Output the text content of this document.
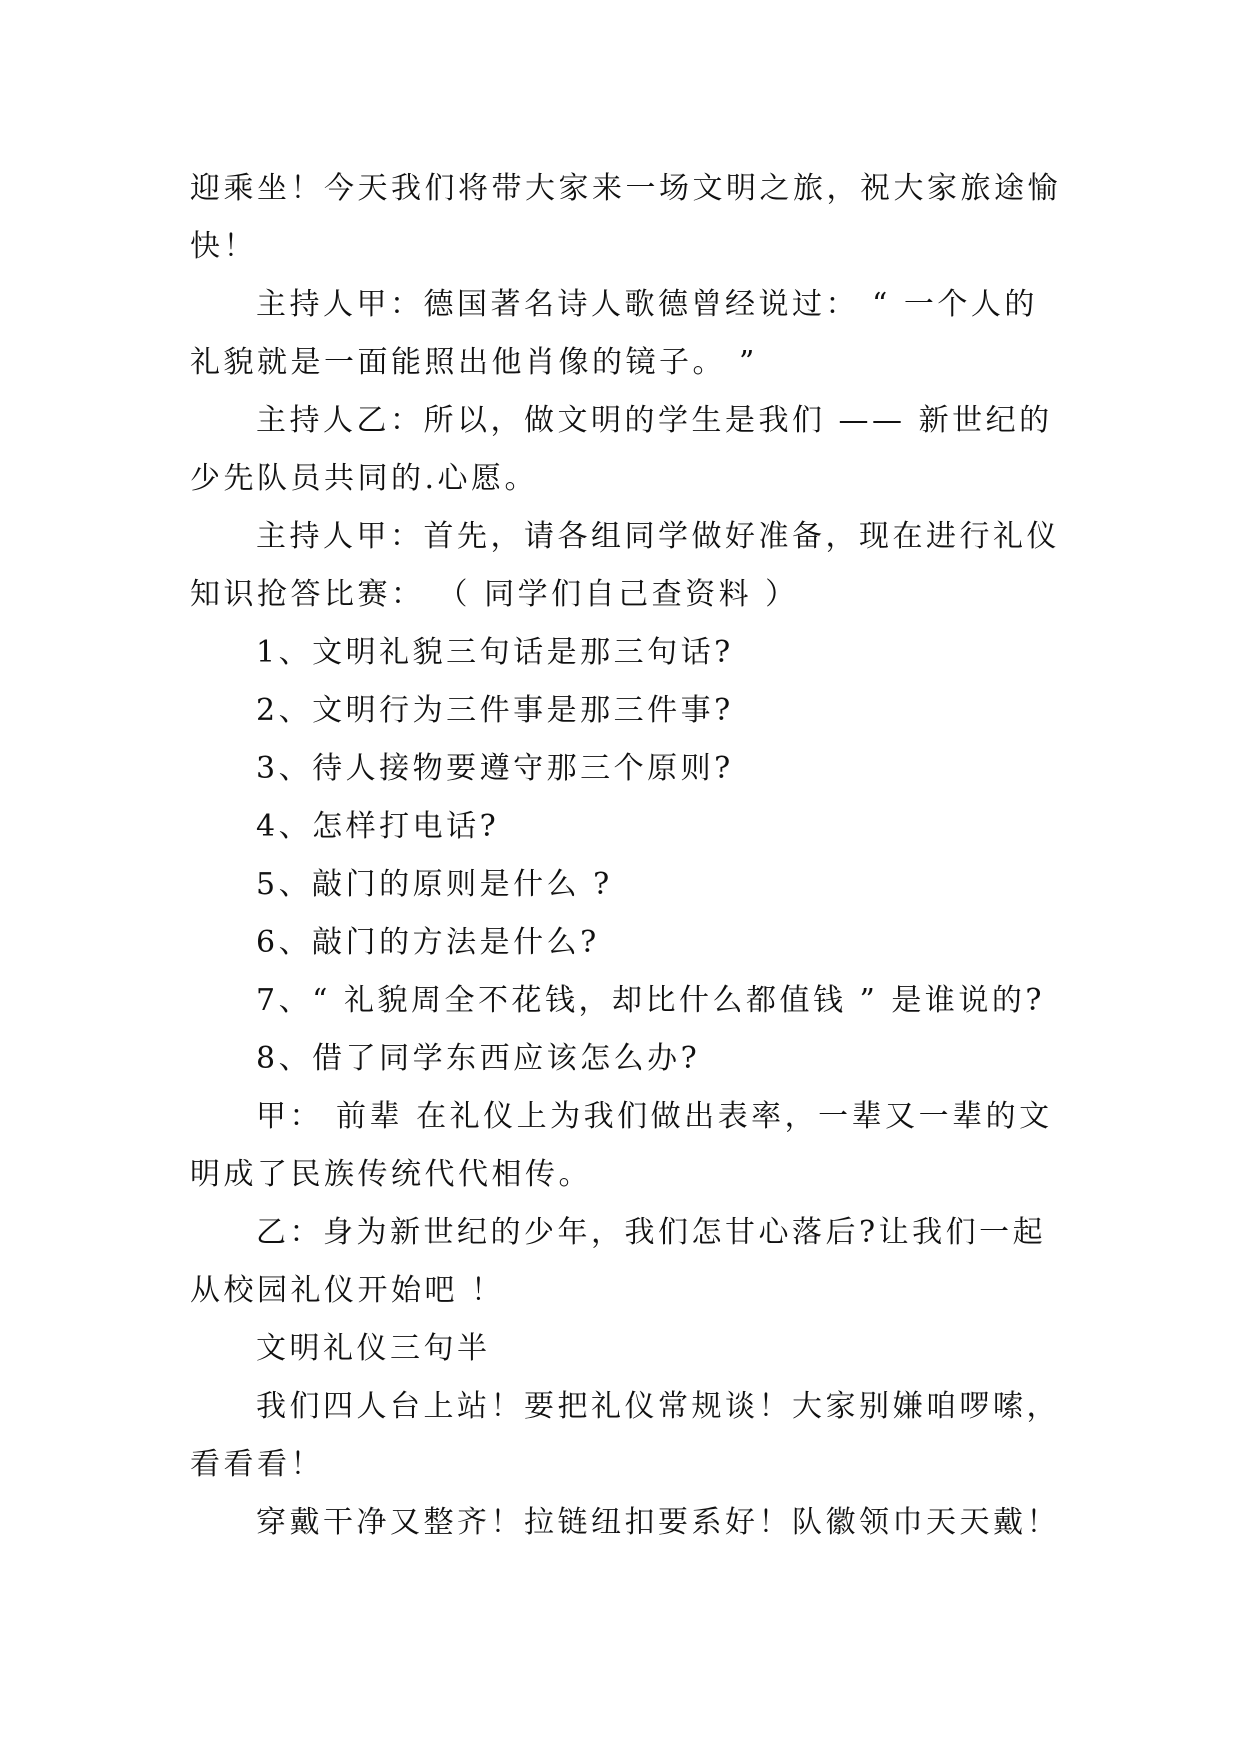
迎乘坐！今天我们将带大家来一场文明之旅，祝大家旅途愉快！

主持人甲：德国著名诗人歌德曾经说过： “ 一个人的礼貌就是一面能照出他肖像的镜子。 ”

主持人乙：所以，做文明的学生是我们 —— 新世纪的少先队员共同的.心愿。

主持人甲：首先，请各组同学做好准备，现在进行礼仪知识抢答比赛： （ 同学们自己查资料 ）

1、文明礼貌三句话是那三句话?

2、文明行为三件事是那三件事?

3、待人接物要遵守那三个原则?

4、怎样打电话?

5、敲门的原则是什么 ?

6、敲门的方法是什么?

7、“ 礼貌周全不花钱，却比什么都值钱 ” 是谁说的?

8、借了同学东西应该怎么办?

甲： 前辈 在礼仪上为我们做出表率，一辈又一辈的文明成了民族传统代代相传。

乙：身为新世纪的少年，我们怎甘心落后?让我们一起从校园礼仪开始吧 ！

文明礼仪三句半

我们四人台上站！要把礼仪常规谈！大家别嫌咱啰嗦，看看看！

穿戴干净又整齐！拉链纽扣要系好！队徽领巾天天戴！
